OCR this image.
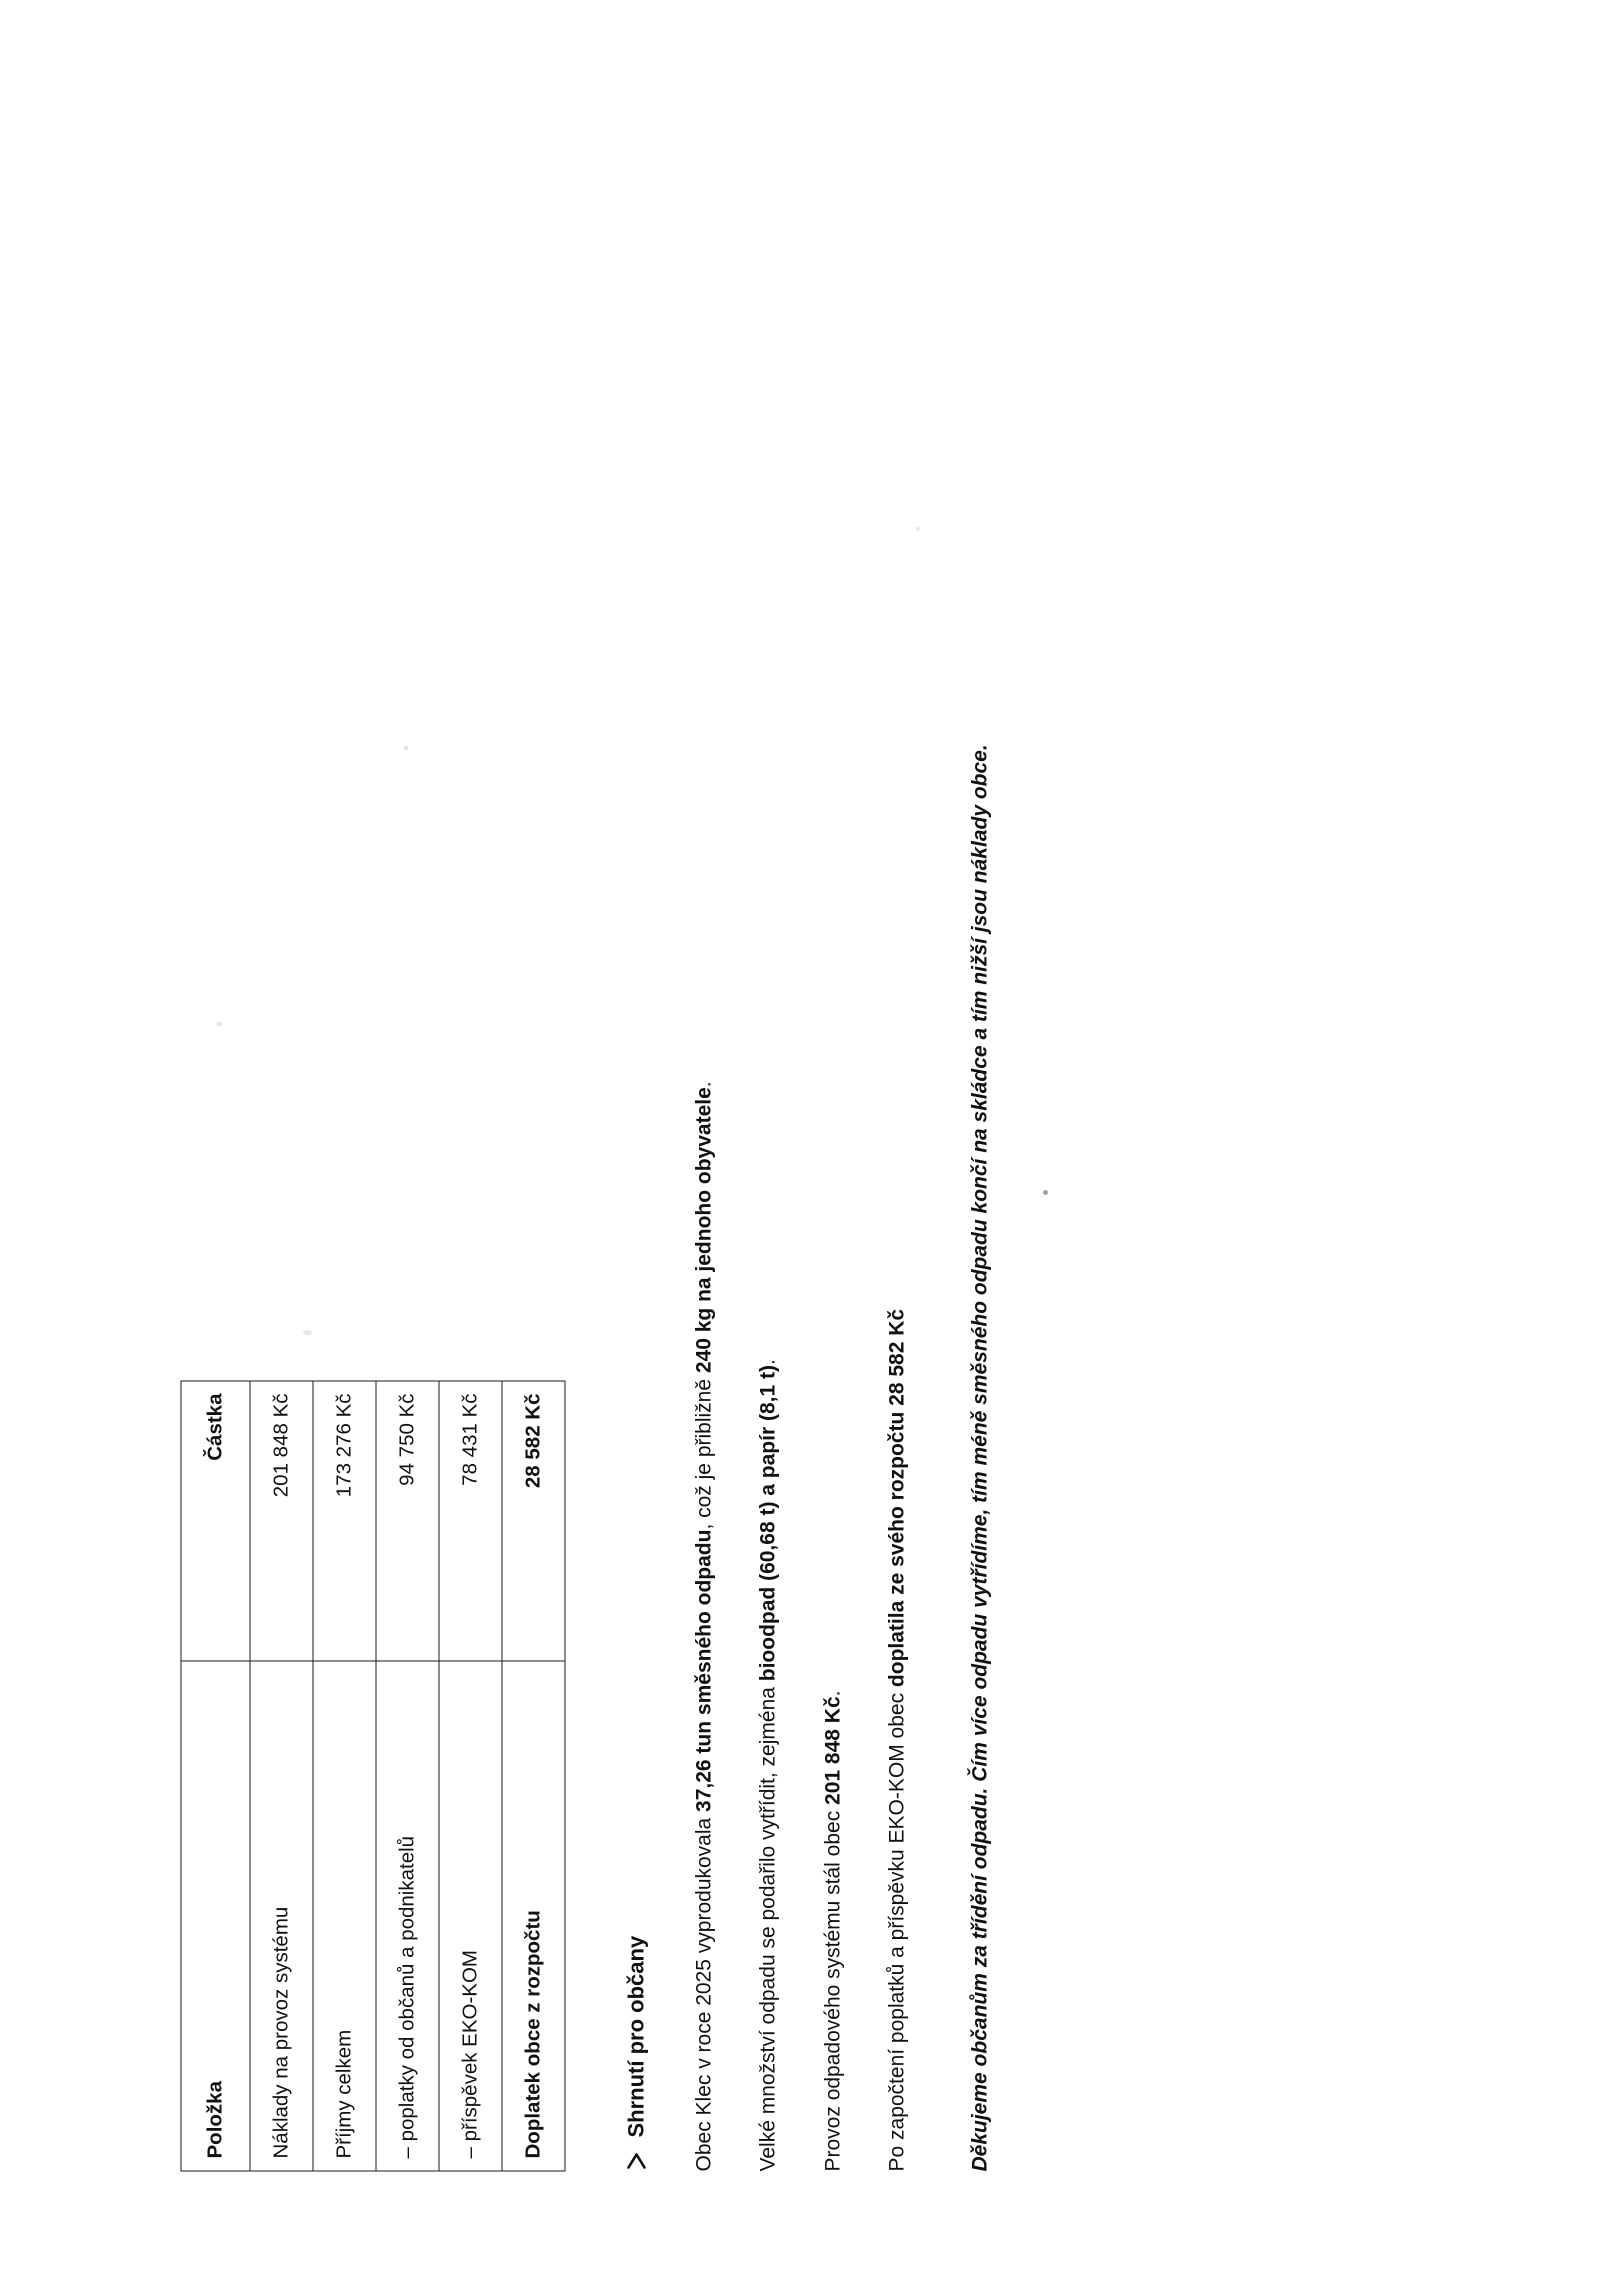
Položka	Částka
Náklady na provoz systému	201 848 Kč
Příjmy celkem	173 276 Kč
– poplatky od občanů a podnikatelů	94 750 Kč
– příspěvek EKO-KOM	78 431 Kč
Doplatek obce z rozpočtu	28 582 Kč
Shrnutí pro občany Obec Klec v roce 2025 vyprodukovala 37,26 tun směsného odpadu, což je přibližně 240 kg na jednoho obyvatele.

Velké množství odpadu se podařilo vytřídit, zejména bioodpad (60,68 t) a papír (8,1 t).

Provoz odpadového systému stál obec 201 848 Kč. Po započtení poplatků a příspěvku EKO-KOM obec doplatila ze svého rozpočtu 28 582 Kč	Děkujeme občanům za třídění odpadu. Čím více odpadu vytřídíme, tím méně směsného odpadu končí na skládce a tím nižší jsou náklady obce.
